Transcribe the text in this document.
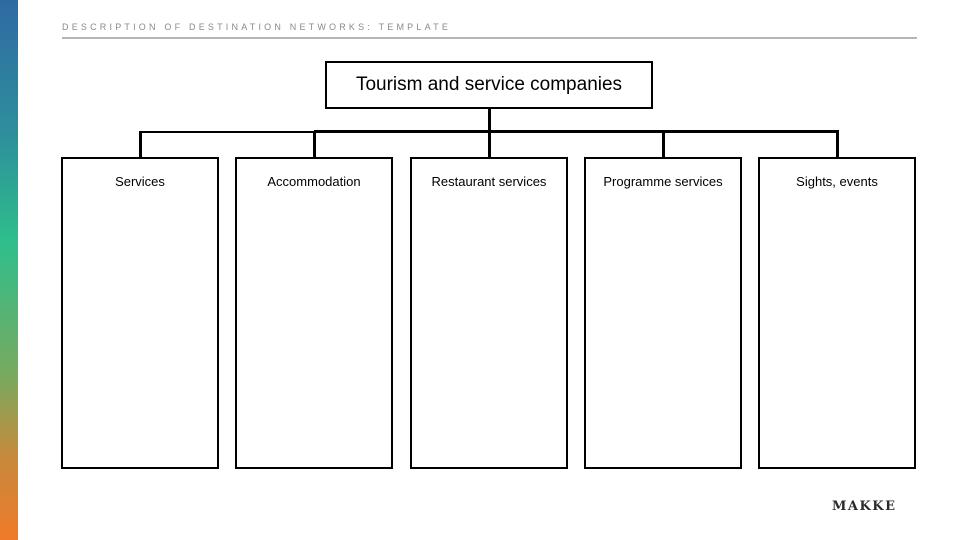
DESCRIPTION OF DESTINATION NETWORKS: TEMPLATE
Tourism and service companies
Services	Accommodation	Restaurant services	Programme services	Sights, events
MAKKE
